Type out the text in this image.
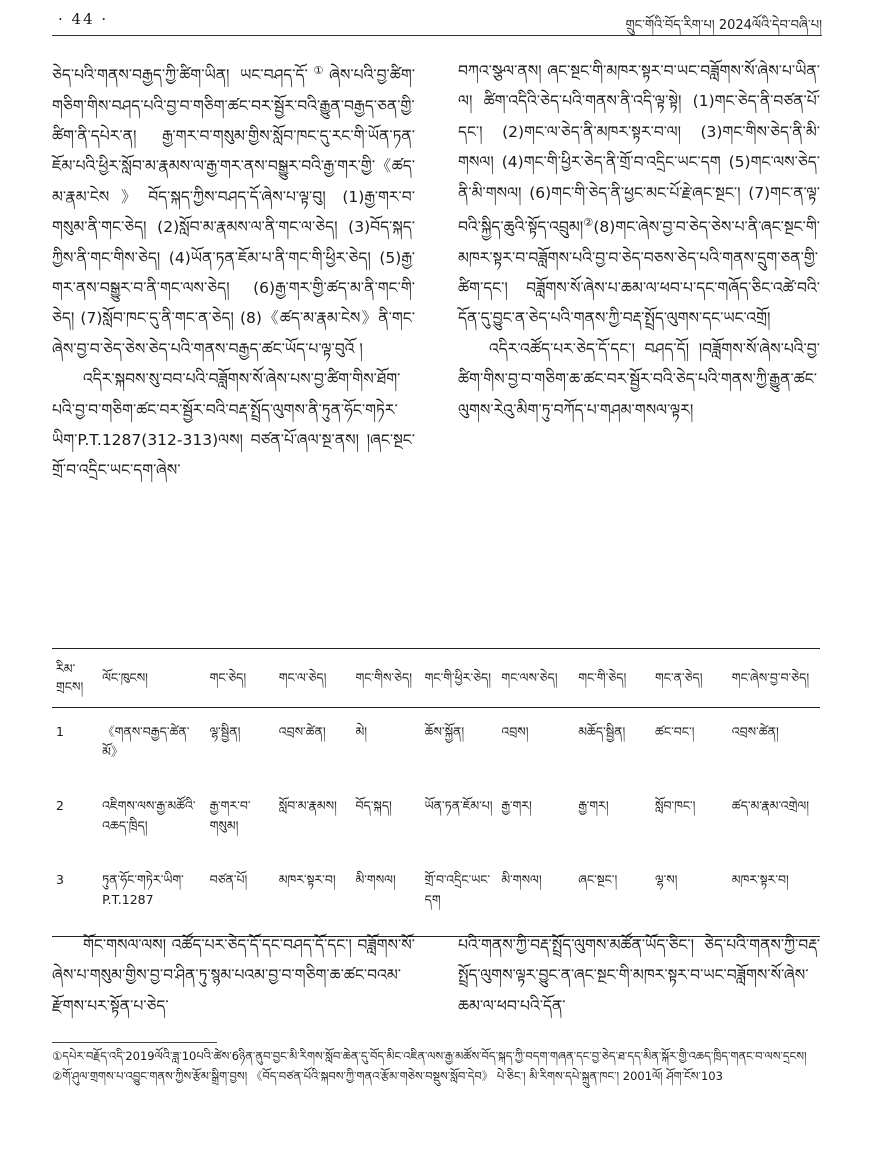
· 44 ·	གྲུང་གོའི་བོད་རིག་པ། 2024ལོའི་དེབ་བཞི་པ།

ཅེད་པའི་གནས་བརྒྱད་ཀྱི་ཚིག་ཡིན། ཡང་བཤད་དོ་①ཞེས་པའི་བྱ་ཚིག་གཅིག་གིས་བཤད་པའི་བྱ་བ་གཅིག་ཚང་བར་སྦྱོར་བའི་རྒྱུན་བརྒྱད་ཅན་གྱི་ཚིག་ནི་དཔེར་ན། རྒྱ་གར་བ་གསུམ་གྱིས་སློབ་ཁང་དུ་རང་གི་ཡོན་ཏན་ཇོམ་པའི་ཕྱིར་སློབ་མ་རྣམས་ལ་རྒྱ་གར་ནས་བསྒྱུར་བའི་རྒྱ་གར་གྱི་《ཚད་མ་རྣམ་ངེས》བོད་སྐད་ཀྱིས་བཤད་དོ་ཞེས་པ་ལྟ་བུ། (1)རྒྱ་གར་བ་གསུམ་ནི་གང་ཅེད། (2)སློབ་མ་རྣམས་ལ་ནི་གང་ལ་ཅེད། (3)བོད་སྐད་ཀྱིས་ནི་གང་གིས་ཅེད། (4)ཡོན་ཏན་ཇོམ་པ་ནི་གང་གི་ཕྱིར་ཅེད། (5)རྒྱ་གར་ནས་བསྒྱུར་བ་ནི་གང་ལས་ཅེད། (6)རྒྱ་གར་གྱི་ཚད་མ་ནི་གང་གི་ཅེད། (7)སློབ་ཁང་དུ་ནི་གང་ན་ཅེད། (8)《ཚད་མ་རྣམ་ངེས》ནི་གང་ཞེས་བྱ་བ་ཅེད་ཅེས་ཅེད་པའི་གནས་བརྒྱད་ཚང་ཡོད་པ་ལྟ་བུའོ །

འདིར་སྐབས་སུ་བབ་པའི་བཟློགས་སོ་ཞེས་པས་བྱ་ཚིག་གིས་ཐོག་པའི་བྱ་བ་གཅིག་ཚང་བར་སྦྱོར་བའི་བརྡ་སྤྲོད་ལུགས་ནི་ཏུན་ཧོང་གཏེར་ཡིག་P.T.1287(312-313)ལས། བཙན་པོ་ཞལ་སྔ་ནས། །ཞང་སྔང་གྲོ་བ་འདྲིང་ཡང་དག་ཞེས་

བཀའ་སྩལ་ནས། ཞང་སྔང་གི་མཁར་སྟར་བ་ཡང་བཟློགས་སོ་ཞེས་པ་ཡིན་ལ། ཚིག་འདིའི་ཅེད་པའི་གནས་ནི་འདི་ལྟ་སྟེ། (1)གང་ཅེད་ནི་བཙན་པོ་དང་། (2)གང་ལ་ཅེད་ནི་མཁར་སྟར་བ་ལ། (3)གང་གིས་ཅེད་ནི་མི་གསལ། (4)གང་གི་ཕྱིར་ཅེད་ནི་གྲོ་བ་འདྲིང་ཡང་དག (5)གང་ལས་ཅེད་ནི་མི་གསལ། (6)གང་གི་ཅེད་ནི་ཕྱང་མང་པོ་རྗེ་ཞང་སྔང་། (7)གང་ན་ལྟ་བའི་སྐྱིད་ཆུའི་སྟོད་འབྲུམ།②(8)གང་ཞེས་བྱ་བ་ཅེད་ཅེས་པ་ནི་ཞང་སྔང་གི་མཁར་སྟར་བ་བཟློགས་པའི་བྱ་བ་ཅེད་བཅས་ཅེད་པའི་གནས་དྲུག་ཅན་གྱི་ཚིག་དང་། བཟློགས་སོ་ཞེས་པ་ཆམ་ལ་ཕབ་པ་དང་གཞོད་ཅིང་འཚེ་བའི་དོན་དུ་བྱུང་ན་ཅེད་པའི་གནས་ཀྱི་བརྡ་སྤྲོད་ལུགས་དང་ཡང་འགྲོ།

འདིར་འཚོད་པར་ཅེད་དོ་དང་། བཤད་དོ། །བཟློགས་སོ་ཞེས་པའི་བྱ་ཚིག་གིས་བྱ་བ་གཅིག་ཆ་ཚང་བར་སྦྱོར་བའི་ཅེད་པའི་གནས་ཀྱི་རྒྱུན་ཚང་ལུགས་རེའུ་མིག་ཏུ་བཀོད་པ་གཤམ་གསལ་ལྟར།

རིམ་གྲངས།	ལོང་ཁུངས།	གང་ཅེད།	གང་ལ་ཅེད།	གང་གིས་ཅེད།	གང་གི་ཕྱིར་ཅེད།	གང་ལས་ཅེད།	གང་གི་ཅེད།	གང་ན་ཅེད།	གང་ཞེས་བྱ་བ་ཅེད།
1	《གནས་བརྒྱད་ཚེན་མོ》	ལྷ་སྦྱིན།	འབྲས་ཚེན།	མེ།	ཆོས་སྐྱོན།	འབྲས།	མཆོད་སྦྱིན།	ཚང་བང་།	འབྲས་ཚེན།
2	འཇིགས་ལས་རྒྱ་མཚོའི་འཆད་ཁྲིད།	རྒྱ་གར་བ་གསུམ།	སློབ་མ་རྣམས།	བོད་སྐད།	ཡོན་ཏན་ཇོམ་པ།	རྒྱ་གར།	རྒྱ་གར།	སློབ་ཁང་།	ཚད་མ་རྣམ་འགྲེལ།
3	ཏུན་ཧོང་གཏེར་ཡིག་P.T.1287	བཙན་པོ།	མཁར་སྟར་བ།	མི་གསལ།	གྲོ་བ་འདྲིང་ཡང་དག	མི་གསལ།	ཞང་སྔང་།	ལྷ་ས།	མཁར་སྟར་བ།

གོང་གསལ་ལས། འཚོད་པར་ཅེད་དོ་དང་བཤད་དོ་དང་། བཟློགས་སོ་ཞེས་པ་གསུམ་གྱིས་བྱ་བ་ཤིན་ཏུ་སྙམ་པའམ་བྱ་བ་གཅིག་ཆ་ཚང་བའམ་རྫོགས་པར་སྟོན་པ་ཅེད་

པའི་གནས་ཀྱི་བརྡ་སྤྲོད་ལུགས་མཚོན་ཡོད་ཅིང་། ཅེད་པའི་གནས་ཀྱི་བརྡ་སྤྲོད་ལུགས་ལྟར་བྱུང་ན་ཞང་སྔང་གི་མཁར་སྟར་བ་ཡང་བཟློགས་སོ་ཞེས་ཆམ་ལ་ཕབ་པའི་དོན་

①དཔེར་བརྗོད་འདི་2019ལོའི་ཟླ་10པའི་ཚེས་6ཉིན་ནུབ་བྱང་མི་རིགས་སློབ་ཆེན་དུ་བོད་མིང་འཇིན་ལས་རྒྱ་མཚོས་བོད་སྐད་ཀྱི་བདག་གཞན་དང་བྱ་ཅེད་ཐ་དད་མིན་སྐོར་གྱི་འཆད་ཁྲིད་གནང་བ་ལས་དྲངས།

②གོ་ཤུལ་གྲགས་པ་འབྱུང་གནས་ཀྱིས་རྩོམ་སྒྲིག་བྱས། 《བོད་བཙན་པོའི་སྐབས་ཀྱི་གནའ་རྩོམ་གཅེས་བསྡུས་སློབ་དེབ》 པེ་ཅིང་། མི་རིགས་དཔེ་སྐྲུན་ཁང་། 2001ལོ། ཤོག་ངོས་103
